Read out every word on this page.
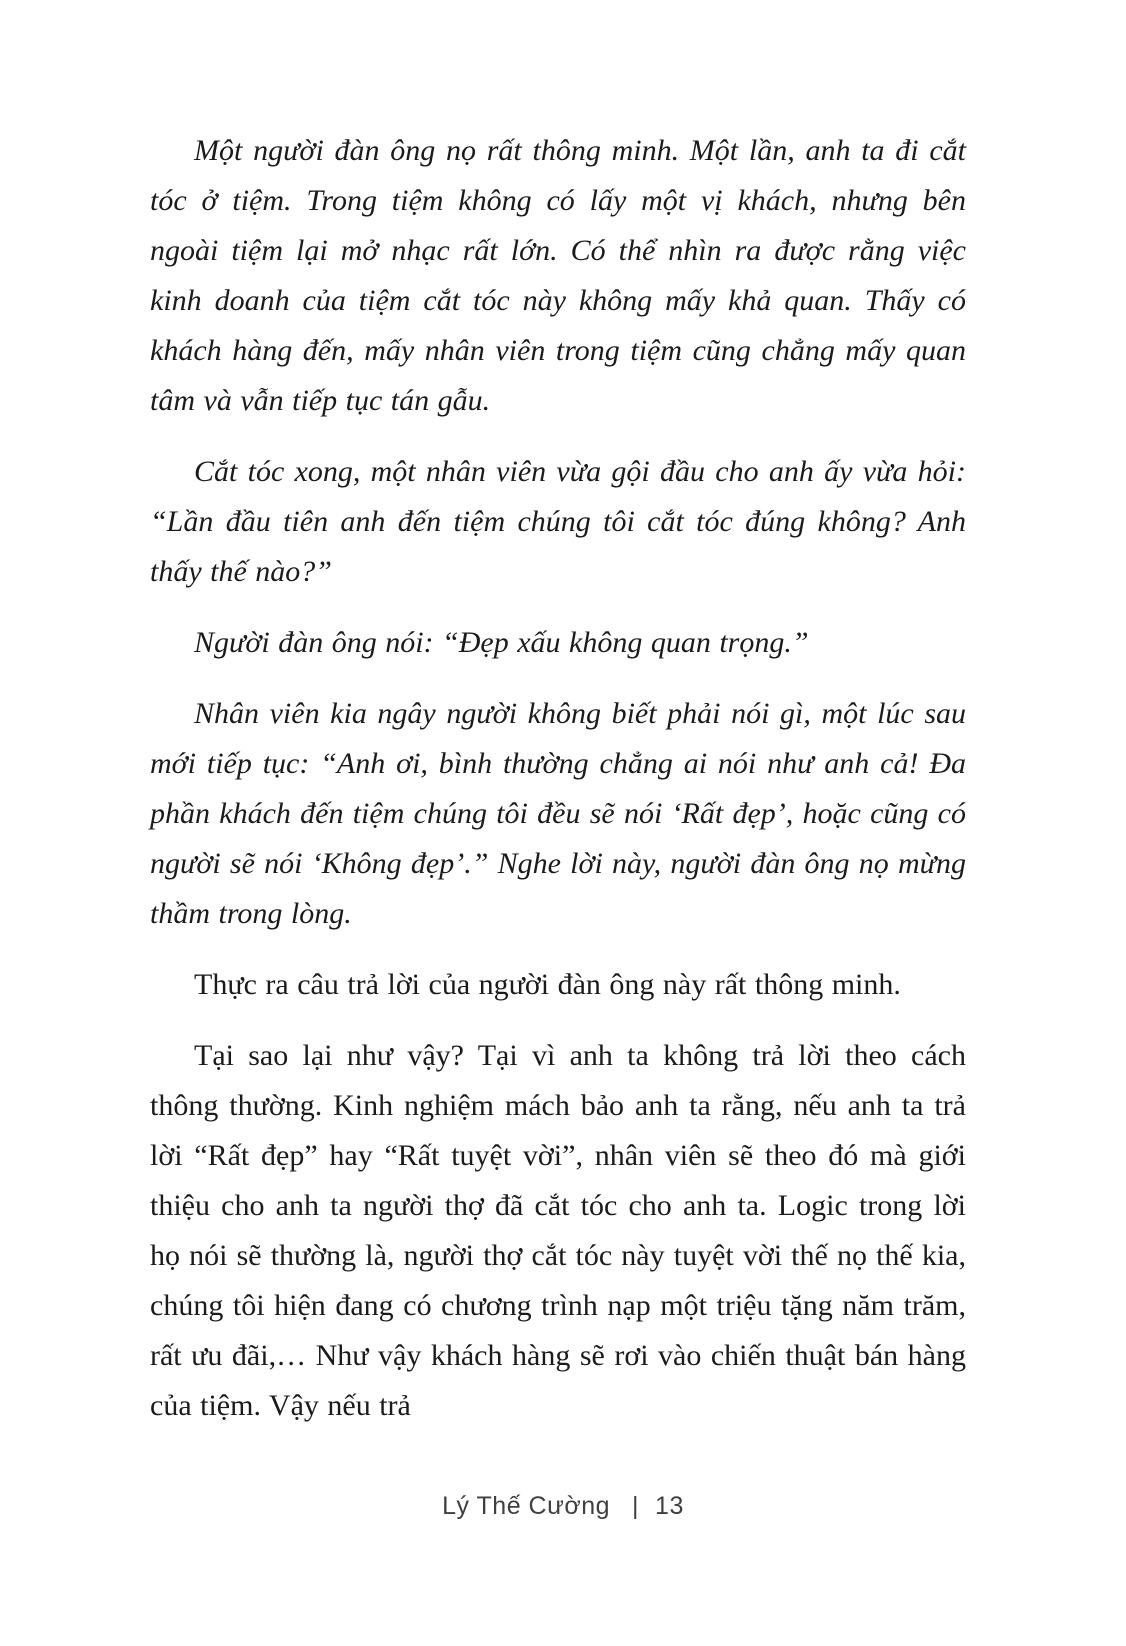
Một người đàn ông nọ rất thông minh. Một lần, anh ta đi cắt tóc ở tiệm. Trong tiệm không có lấy một vị khách, nhưng bên ngoài tiệm lại mở nhạc rất lớn. Có thể nhìn ra được rằng việc kinh doanh của tiệm cắt tóc này không mấy khả quan. Thấy có khách hàng đến, mấy nhân viên trong tiệm cũng chẳng mấy quan tâm và vẫn tiếp tục tán gẫu.

Cắt tóc xong, một nhân viên vừa gội đầu cho anh ấy vừa hỏi: “Lần đầu tiên anh đến tiệm chúng tôi cắt tóc đúng không? Anh thấy thế nào?”

Người đàn ông nói: “Đẹp xấu không quan trọng.”

Nhân viên kia ngây người không biết phải nói gì, một lúc sau mới tiếp tục: “Anh ơi, bình thường chẳng ai nói như anh cả! Đa phần khách đến tiệm chúng tôi đều sẽ nói ‘Rất đẹp’, hoặc cũng có người sẽ nói ‘Không đẹp’.” Nghe lời này, người đàn ông nọ mừng thầm trong lòng.

Thực ra câu trả lời của người đàn ông này rất thông minh.

Tại sao lại như vậy? Tại vì anh ta không trả lời theo cách thông thường. Kinh nghiệm mách bảo anh ta rằng, nếu anh ta trả lời “Rất đẹp” hay “Rất tuyệt vời”, nhân viên sẽ theo đó mà giới thiệu cho anh ta người thợ đã cắt tóc cho anh ta. Logic trong lời họ nói sẽ thường là, người thợ cắt tóc này tuyệt vời thế nọ thế kia, chúng tôi hiện đang có chương trình nạp một triệu tặng năm trăm, rất ưu đãi,… Như vậy khách hàng sẽ rơi vào chiến thuật bán hàng của tiệm. Vậy nếu trả

Lý Thế Cường | 13
